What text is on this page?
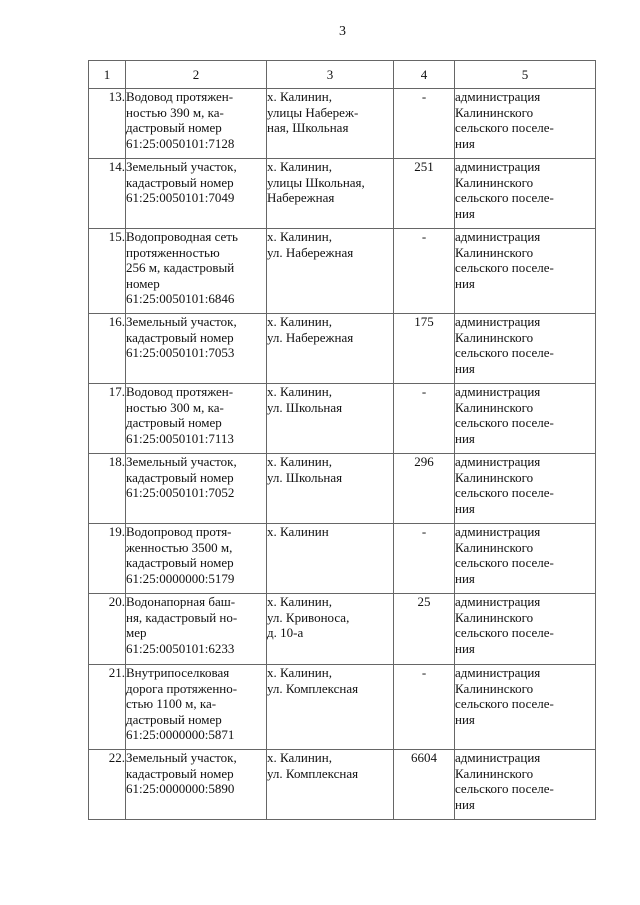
3
1	2	3	4	5

13.	Водовод протяжен-
ностью 390 м, ка-
дастровый номер
61:25:0050101:7128	х. Калинин,
улицы Набереж-
ная, Школьная	-	администрация
Калининского
сельского поселе-
ния

14.	Земельный участок,
кадастровый номер
61:25:0050101:7049	х. Калинин,
улицы Школьная,
Набережная	251	администрация
Калининского
сельского поселе-
ния

15.	Водопроводная сеть
протяженностью
256 м, кадастровый
номер
61:25:0050101:6846	х. Калинин,
ул. Набережная	-	администрация
Калининского
сельского поселе-
ния

16.	Земельный участок,
кадастровый номер
61:25:0050101:7053	х. Калинин,
ул. Набережная	175	администрация
Калининского
сельского поселе-
ния

17.	Водовод протяжен-
ностью 300 м, ка-
дастровый номер
61:25:0050101:7113	х. Калинин,
ул. Школьная	-	администрация
Калининского
сельского поселе-
ния

18.	Земельный участок,
кадастровый номер
61:25:0050101:7052	х. Калинин,
ул. Школьная	296	администрация
Калининского
сельского поселе-
ния

19.	Водопровод протя-
женностью 3500 м,
кадастровый номер
61:25:0000000:5179	х. Калинин	-	администрация
Калининского
сельского поселе-
ния

20.	Водонапорная баш-
ня, кадастровый но-
мер
61:25:0050101:6233	х. Калинин,
ул. Кривоноса,
д. 10-а	25	администрация
Калининского
сельского поселе-
ния

21.	Внутрипоселковая
дорога протяженно-
стью 1100 м, ка-
дастровый номер
61:25:0000000:5871	х. Калинин,
ул. Комплексная	-	администрация
Калининского
сельского поселе-
ния

22.	Земельный участок,
кадастровый номер
61:25:0000000:5890	х. Калинин,
ул. Комплексная	6604	администрация
Калининского
сельского поселе-
ния
